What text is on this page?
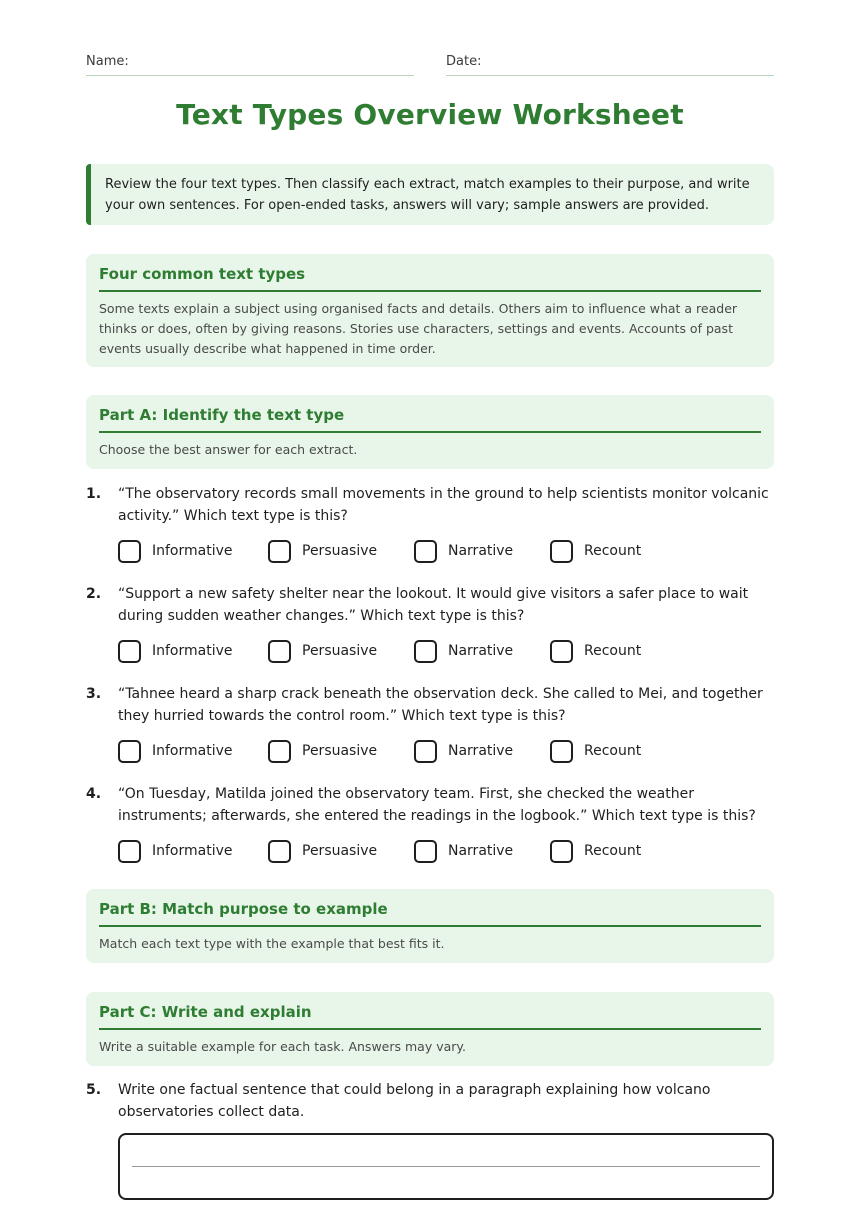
Name:	Date:
Text Types Overview Worksheet
Review the four text types. Then classify each extract, match examples to their purpose, and write your own sentences. For open-ended tasks, answers will vary; sample answers are provided.
Four common text types

Some texts explain a subject using organised facts and details. Others aim to influence what a reader thinks or does, often by giving reasons. Stories use characters, settings and events. Accounts of past events usually describe what happened in time order.

Part A: Identify the text type

Choose the best answer for each extract.

1. “The observatory records small movements in the ground to help scientists monitor volcanic activity.” Which text type is this?
Informative	Persuasive	Narrative	Recount
2. “Support a new safety shelter near the lookout. It would give visitors a safer place to wait during sudden weather changes.” Which text type is this?
Informative	Persuasive	Narrative	Recount
3. “Tahnee heard a sharp crack beneath the observation deck. She called to Mei, and together they hurried towards the control room.” Which text type is this?
Informative	Persuasive	Narrative	Recount
4. “On Tuesday, Matilda joined the observatory team. First, she checked the weather instruments; afterwards, she entered the readings in the logbook.” Which text type is this?
Informative	Persuasive	Narrative	Recount
Part B: Match purpose to example

Match each text type with the example that best fits it.

Part C: Write and explain

Write a suitable example for each task. Answers may vary.

5. Write one factual sentence that could belong in a paragraph explaining how volcano observatories collect data.
